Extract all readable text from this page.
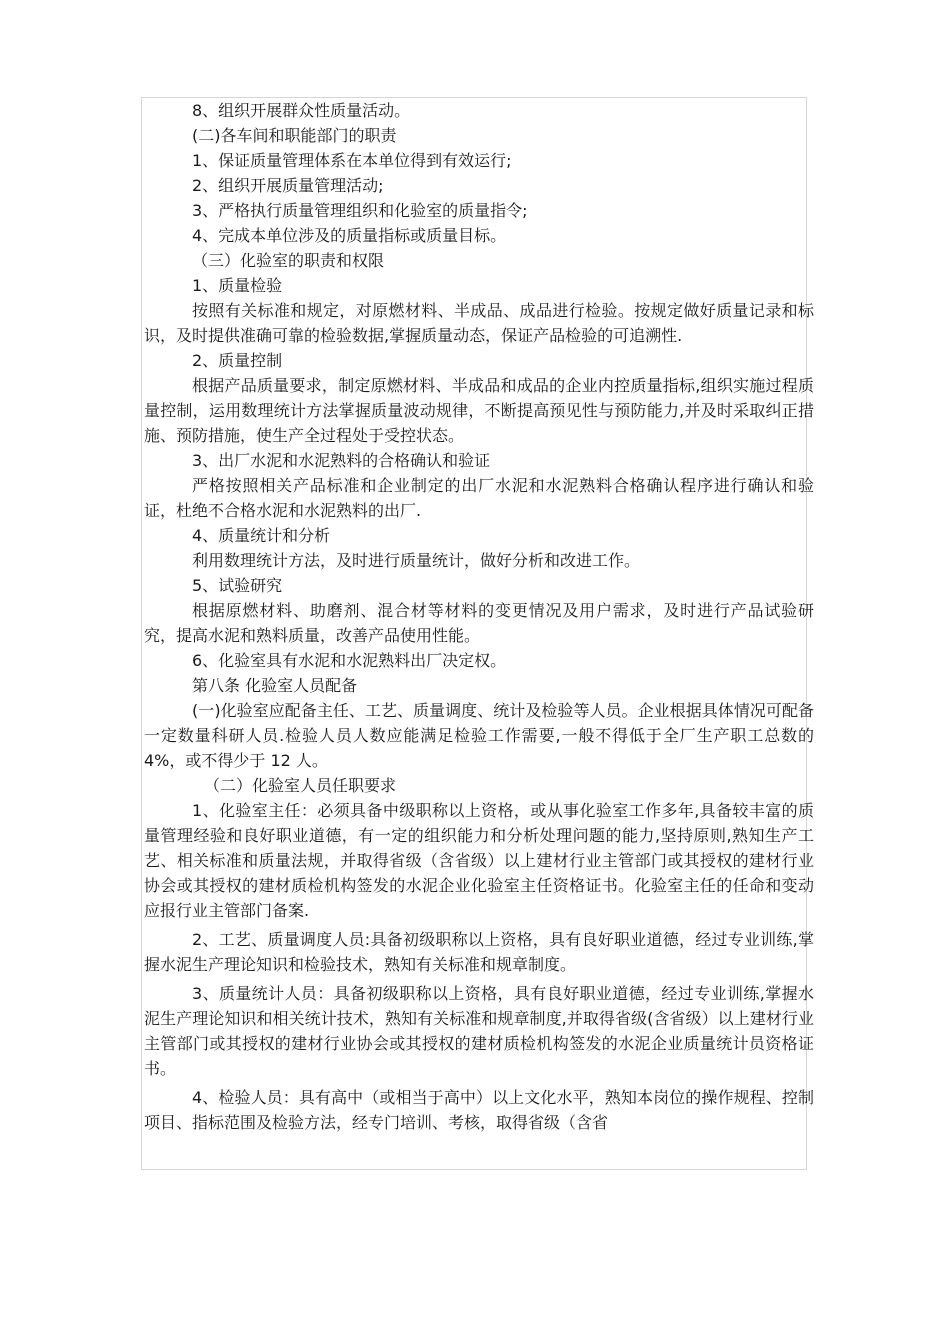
8、组织开展群众性质量活动。

(二)各车间和职能部门的职责

1、保证质量管理体系在本单位得到有效运行;

2、组织开展质量管理活动;

3、严格执行质量管理组织和化验室的质量指令;

4、完成本单位涉及的质量指标或质量目标。

（三）化验室的职责和权限

1、质量检验

按照有关标准和规定，对原燃材料、半成品、成品进行检验。按规定做好质量记录和标识，及时提供准确可靠的检验数据,掌握质量动态，保证产品检验的可追溯性.

2、质量控制

根据产品质量要求，制定原燃材料、半成品和成品的企业内控质量指标,组织实施过程质量控制，运用数理统计方法掌握质量波动规律，不断提高预见性与预防能力,并及时采取纠正措施、预防措施，使生产全过程处于受控状态。

3、出厂水泥和水泥熟料的合格确认和验证

严格按照相关产品标准和企业制定的出厂水泥和水泥熟料合格确认程序进行确认和验证，杜绝不合格水泥和水泥熟料的出厂.

4、质量统计和分析

利用数理统计方法，及时进行质量统计，做好分析和改进工作。

5、试验研究

根据原燃材料、助磨剂、混合材等材料的变更情况及用户需求，及时进行产品试验研究，提高水泥和熟料质量，改善产品使用性能。

6、化验室具有水泥和水泥熟料出厂决定权。

第八条 化验室人员配备

(一)化验室应配备主任、工艺、质量调度、统计及检验等人员。企业根据具体情况可配备一定数量科研人员.检验人员人数应能满足检验工作需要,一般不得低于全厂生产职工总数的 4%，或不得少于 12 人。

（二）化验室人员任职要求

1、化验室主任：必须具备中级职称以上资格，或从事化验室工作多年,具备较丰富的质量管理经验和良好职业道德，有一定的组织能力和分析处理问题的能力,坚持原则,熟知生产工艺、相关标准和质量法规，并取得省级（含省级）以上建材行业主管部门或其授权的建材行业协会或其授权的建材质检机构签发的水泥企业化验室主任资格证书。化验室主任的任命和变动应报行业主管部门备案.

2、工艺、质量调度人员:具备初级职称以上资格，具有良好职业道德，经过专业训练,掌握水泥生产理论知识和检验技术，熟知有关标准和规章制度。

3、质量统计人员：具备初级职称以上资格，具有良好职业道德，经过专业训练,掌握水泥生产理论知识和相关统计技术，熟知有关标准和规章制度,并取得省级(含省级）以上建材行业主管部门或其授权的建材行业协会或其授权的建材质检机构签发的水泥企业质量统计员资格证书。

4、检验人员：具有高中（或相当于高中）以上文化水平，熟知本岗位的操作规程、控制项目、指标范围及检验方法，经专门培训、考核，取得省级（含省
